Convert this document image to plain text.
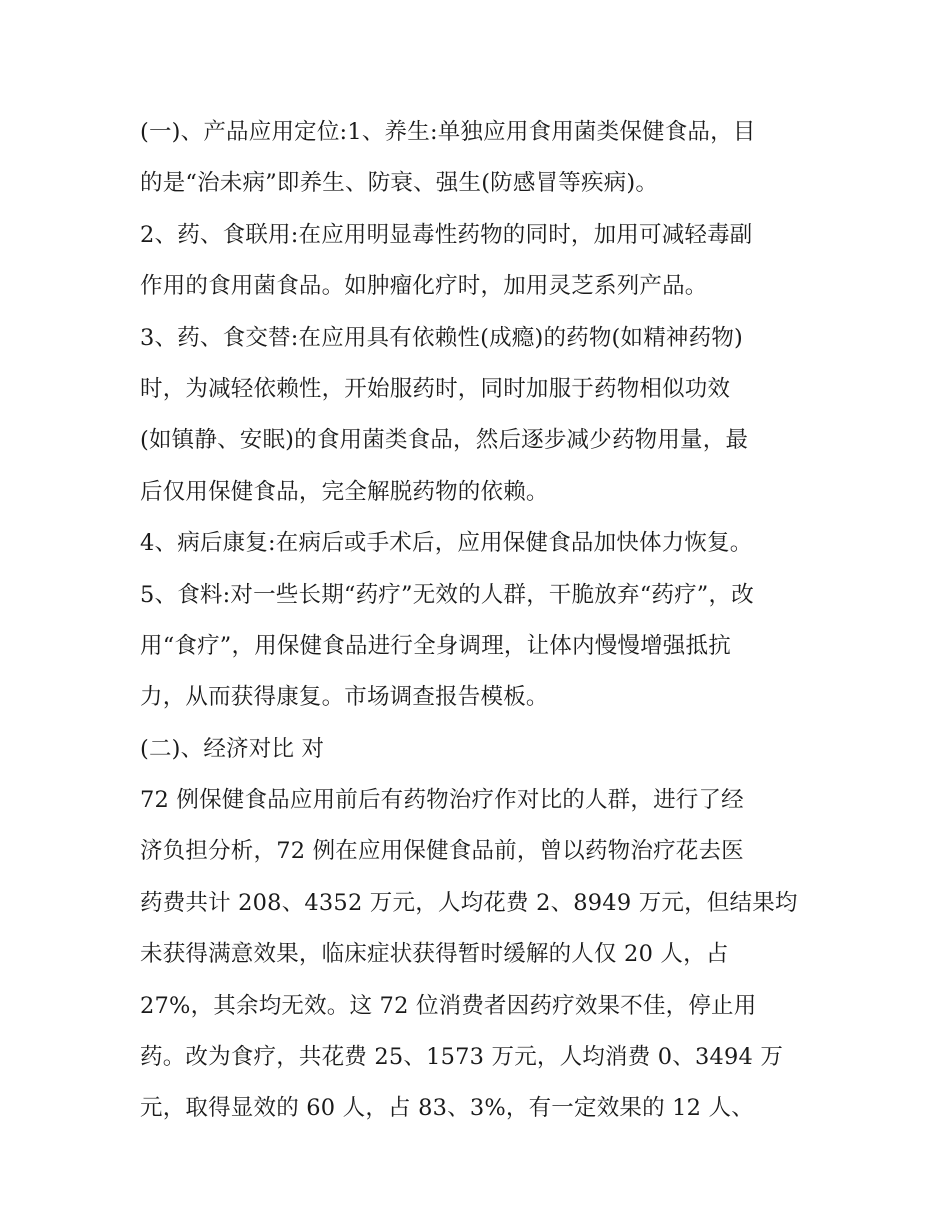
(一)、产品应用定位:1、养生:单独应用食用菌类保健食品，目
的是“治未病”即养生、防衰、强生(防感冒等疾病)。
2、药、食联用:在应用明显毒性药物的同时，加用可减轻毒副
作用的食用菌食品。如肿瘤化疗时，加用灵芝系列产品。
3、药、食交替:在应用具有依赖性(成瘾)的药物(如精神药物)
时，为减轻依赖性，开始服药时，同时加服于药物相似功效
(如镇静、安眠)的食用菌类食品，然后逐步减少药物用量，最
后仅用保健食品，完全解脱药物的依赖。
4、病后康复:在病后或手术后，应用保健食品加快体力恢复。
5、食料:对一些长期“药疗”无效的人群，干脆放弃“药疗”，改
用“食疗”，用保健食品进行全身调理，让体内慢慢增强抵抗
力，从而获得康复。市场调查报告模板。
(二)、经济对比 对
72 例保健食品应用前后有药物治疗作对比的人群，进行了经
济负担分析，72 例在应用保健食品前，曾以药物治疗花去医
药费共计 208、4352 万元，人均花费 2、8949 万元，但结果均
未获得满意效果，临床症状获得暂时缓解的人仅 20 人，占
27%，其余均无效。这 72 位消费者因药疗效果不佳，停止用
药。改为食疗，共花费 25、1573 万元，人均消费 0、3494 万
元，取得显效的 60 人，占 83、3%，有一定效果的 12 人、
